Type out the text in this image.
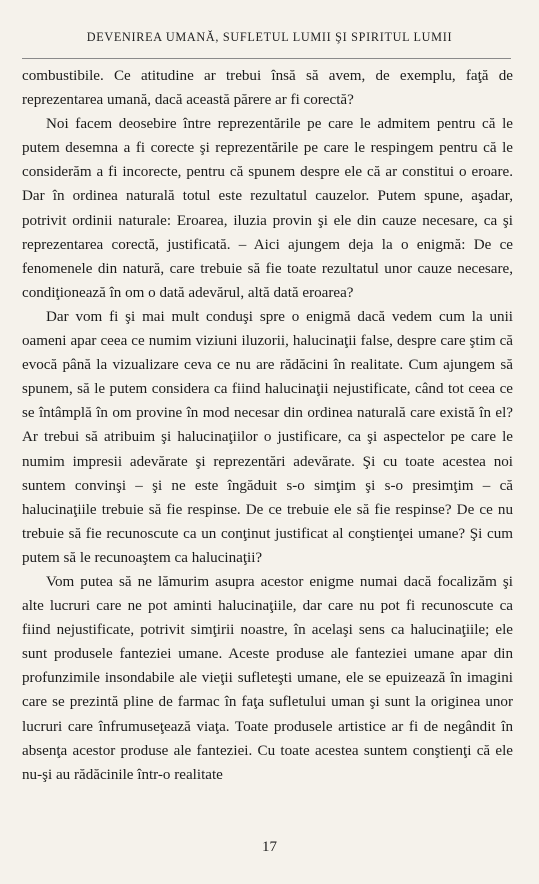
DEVENIREA UMANĂ, SUFLETUL LUMII ŞI SPIRITUL LUMII

combustibile. Ce atitudine ar trebui însă să avem, de exemplu, faţă de reprezentarea umană, dacă această părere ar fi corectă?

Noi facem deosebire între reprezentările pe care le admitem pentru că le putem desemna a fi corecte şi reprezentările pe care le respingem pentru că le considerăm a fi incorecte, pentru că spunem despre ele că ar constitui o eroare. Dar în ordinea naturală totul este rezultatul cauzelor. Putem spune, aşadar, potrivit ordinii naturale: Eroarea, iluzia provin şi ele din cauze necesare, ca şi reprezentarea corectă, justificată. – Aici ajungem deja la o enigmă: De ce fenomenele din natură, care trebuie să fie toate rezultatul unor cauze necesare, condiţionează în om o dată adevărul, altă dată eroarea?

Dar vom fi şi mai mult conduşi spre o enigmă dacă vedem cum la unii oameni apar ceea ce numim viziuni iluzorii, halucinaţii false, despre care ştim că evocă până la vizualizare ceva ce nu are rădăcini în realitate. Cum ajungem să spunem, să le putem considera ca fiind halucinaţii nejustificate, când tot ceea ce se întâmplă în om provine în mod necesar din ordinea naturală care există în el? Ar trebui să atribuim şi halucinaţiilor o justificare, ca şi aspectelor pe care le numim impresii adevărate şi reprezentări adevărate. Şi cu toate acestea noi suntem convinşi – şi ne este îngăduit s-o simţim şi s-o presimţim – că halucinaţiile trebuie să fie respinse. De ce trebuie ele să fie respinse? De ce nu trebuie să fie recunoscute ca un conţinut justificat al conştienţei umane? Şi cum putem să le recunoaştem ca halucinaţii?

Vom putea să ne lămurim asupra acestor enigme numai dacă focalizăm şi alte lucruri care ne pot aminti halucinaţiile, dar care nu pot fi recunoscute ca fiind nejustificate, potrivit simţirii noastre, în acelaşi sens ca halucinaţiile; ele sunt produsele fanteziei umane. Aceste produse ale fanteziei umane apar din profunzimile insondabile ale vieţii sufleteşti umane, ele se epuizează în imagini care se prezintă pline de farmac în faţa sufletului uman şi sunt la originea unor lucruri care înfrumuseţează viaţa. Toate produsele artistice ar fi de negândit în absenţa acestor produse ale fanteziei. Cu toate acestea suntem conştienţi că ele nu-şi au rădăcinile într-o realitate

17
